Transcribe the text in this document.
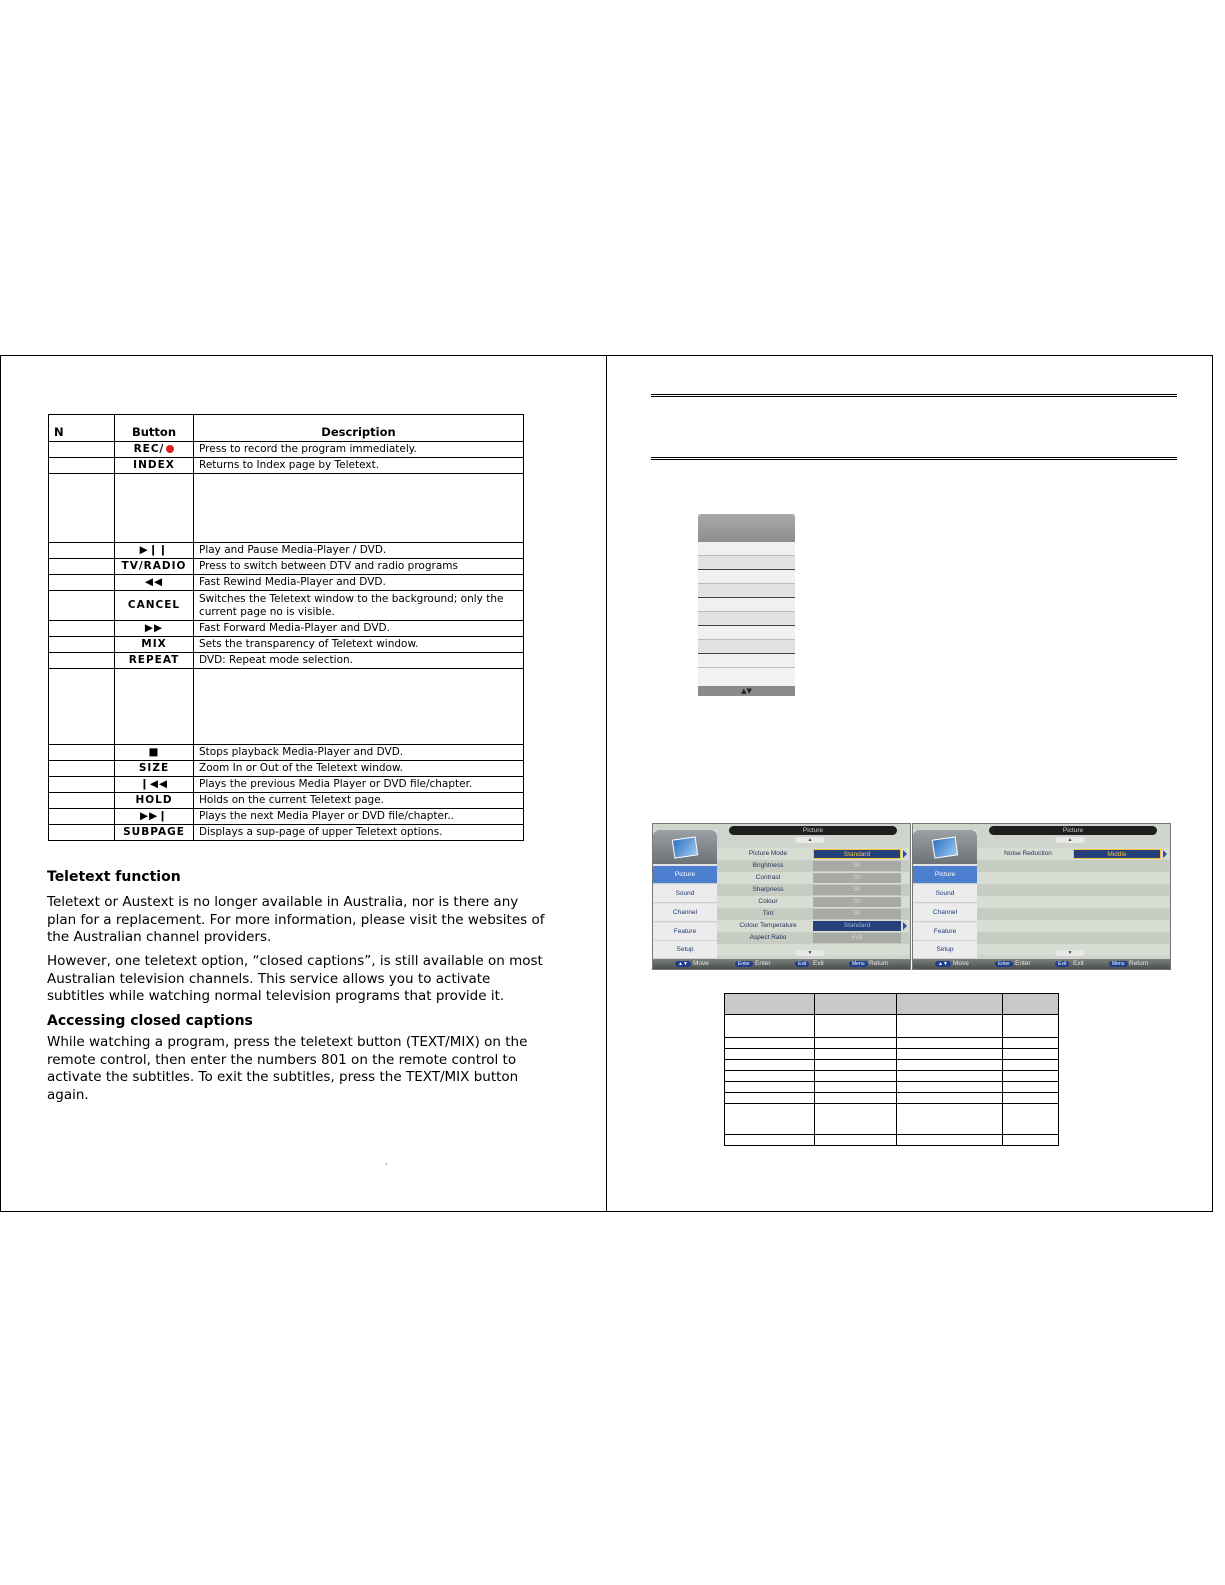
N	Button	Description
	REC/	Press to record the program immediately.
	INDEX	Returns to Index page by Teletext.

	▶❙❙	Play and Pause Media-Player / DVD.
	TV/RADIO	Press to switch between DTV and radio programs
	◀◀	Fast Rewind Media-Player and DVD.
	CANCEL	Switches the Teletext window to the background; only the current page no is visible.
	▶▶	Fast Forward Media-Player and DVD.
	MIX	Sets the transparency of Teletext window.
	REPEAT	DVD: Repeat mode selection.

	■	Stops playback Media-Player and DVD.
	SIZE	Zoom In or Out of the Teletext window.
	❙◀◀	Plays the previous Media Player or DVD file/chapter.
	HOLD	Holds on the current Teletext page.
	▶▶❙	Plays the next Media Player or DVD file/chapter..
	SUBPAGE	Displays a sup-page of upper Teletext options.
Teletext function

Teletext or Austext is no longer available in Australia, nor is there any plan for a replacement. For more information, please visit the websites of the Australian channel providers.

However, one teletext option, “closed captions”, is still available on most Australian television channels. This service allows you to activate subtitles while watching normal television programs that provide it.

Accessing closed captions

While watching a program, press the teletext button (TEXT/MIX) on the remote control, then enter the numbers 801 on the remote control to activate the subtitles. To exit the subtitles, press the TEXT/MIX button again.

·
▲▼
Picture
▲
Picture
Sound
Channel
Feature
Setup
Picture Mode	Standard
Brightness	50
Contrast	50
Sharpness	50
Colour	50
Tint	50
Colour Temperature	Standard
Aspect Ratio	Full
▼
▲▼ Move	Enter Enter	Exit	Exit	Menu Return
Picture
▲
Picture
Sound
Channel
Feature
Setup
Noise Reduction	Middle
▼
▲▼ Move	Enter Enter	Exit	Exit	Menu Return
